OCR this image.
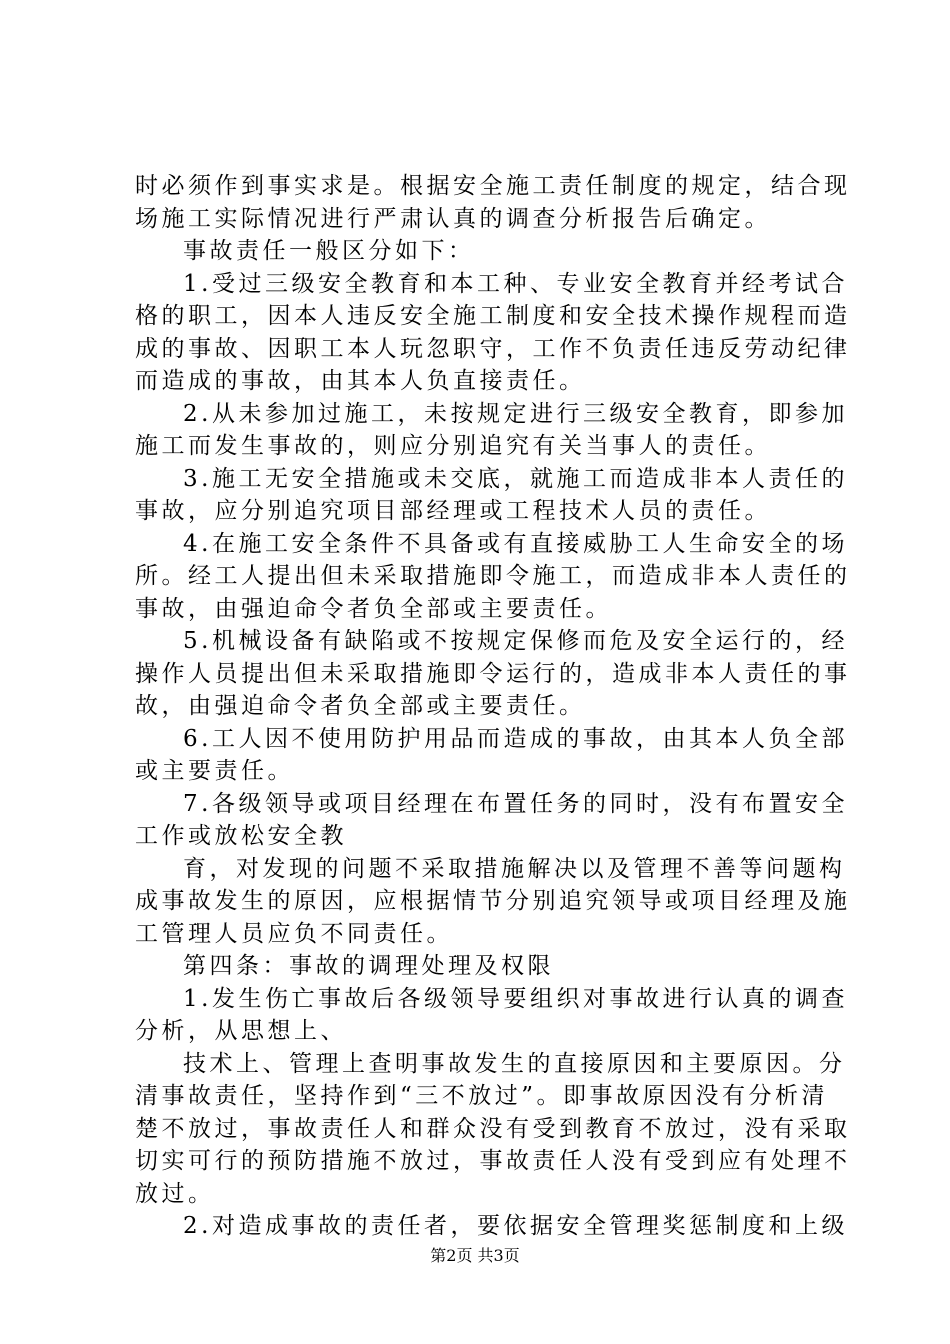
时必须作到事实求是。根据安全施工责任制度的规定，结合现
场施工实际情况进行严肃认真的调查分析报告后确定。
事故责任一般区分如下：
1.受过三级安全教育和本工种、专业安全教育并经考试合
格的职工，因本人违反安全施工制度和安全技术操作规程而造
成的事故、因职工本人玩忽职守，工作不负责任违反劳动纪律
而造成的事故，由其本人负直接责任。
2.从未参加过施工，未按规定进行三级安全教育，即参加
施工而发生事故的，则应分别追究有关当事人的责任。
3.施工无安全措施或未交底，就施工而造成非本人责任的
事故，应分别追究项目部经理或工程技术人员的责任。
4.在施工安全条件不具备或有直接威胁工人生命安全的场
所。经工人提出但未采取措施即令施工，而造成非本人责任的
事故，由强迫命令者负全部或主要责任。
5.机械设备有缺陷或不按规定保修而危及安全运行的，经
操作人员提出但未采取措施即令运行的，造成非本人责任的事
故，由强迫命令者负全部或主要责任。
6.工人因不使用防护用品而造成的事故，由其本人负全部
或主要责任。
7.各级领导或项目经理在布置任务的同时，没有布置安全
工作或放松安全教
育，对发现的问题不采取措施解决以及管理不善等问题构
成事故发生的原因，应根据情节分别追究领导或项目经理及施
工管理人员应负不同责任。
第四条：事故的调理处理及权限
1.发生伤亡事故后各级领导要组织对事故进行认真的调查
分析，从思想上、
技术上、管理上查明事故发生的直接原因和主要原因。分
清事故责任，坚持作到“三不放过”。即事故原因没有分析清
楚不放过，事故责任人和群众没有受到教育不放过，没有采取
切实可行的预防措施不放过，事故责任人没有受到应有处理不
放过。
2.对造成事故的责任者，要依据安全管理奖惩制度和上级
第2页 共3页
